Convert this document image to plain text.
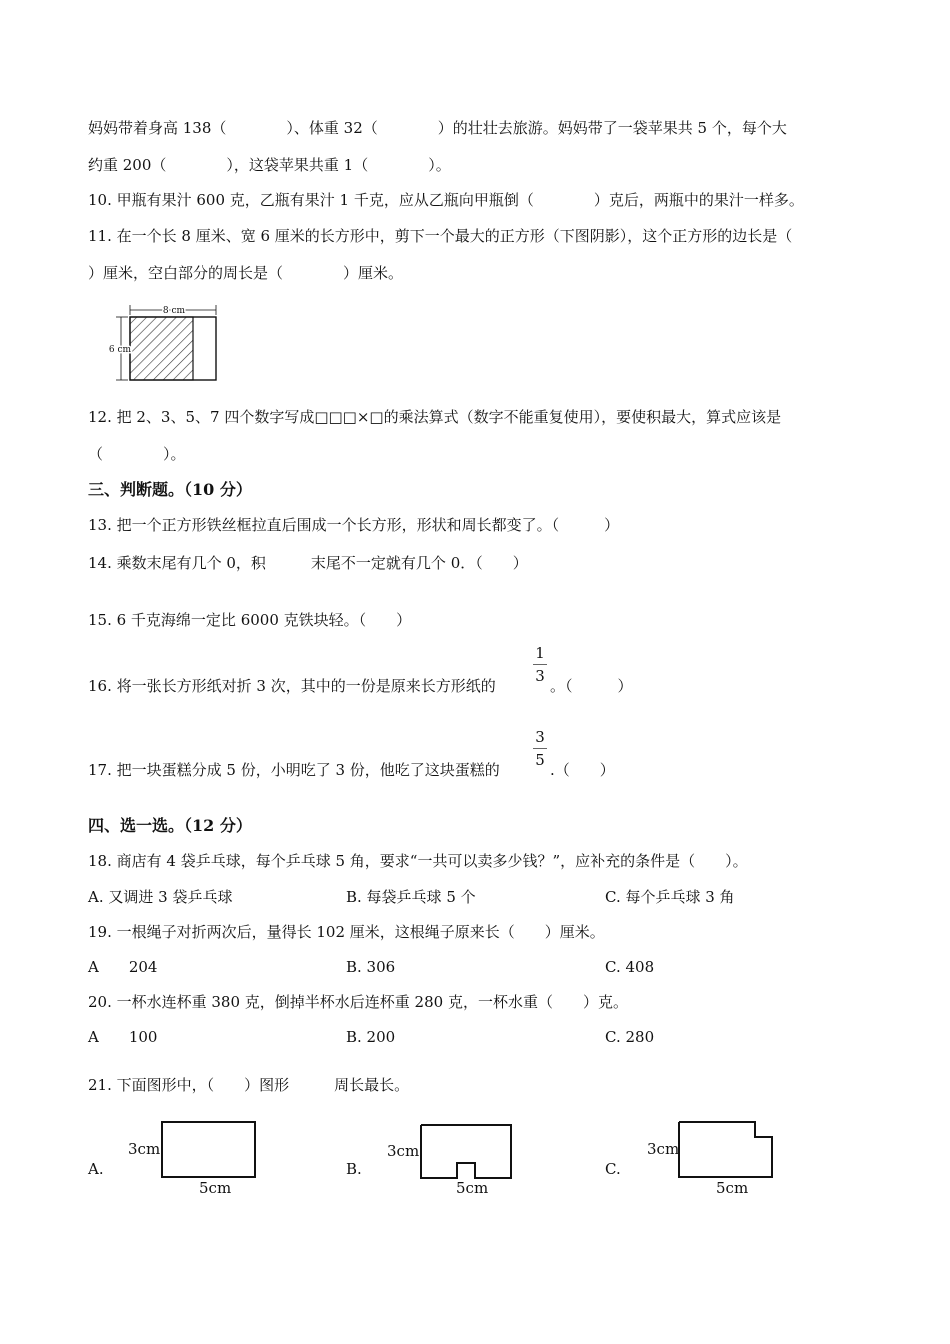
妈妈带着身高 138（　　　　）、体重 32（　　　　）的壮壮去旅游。妈妈带了一袋苹果共 5 个，每个大
约重 200（　　　　），这袋苹果共重 1（　　　　）。
10. 甲瓶有果汁 600 克，乙瓶有果汁 1 千克，应从乙瓶向甲瓶倒（　　　　）克后，两瓶中的果汁一样多。
11. 在一个长 8 厘米、宽 6 厘米的长方形中，剪下一个最大的正方形（下图阴影），这个正方形的边长是（
）厘米，空白部分的周长是（　　　　）厘米。
8 cm
6 cm
12. 把 2、3、5、7 四个数字写成□□□×□的乘法算式（数字不能重复使用），要使积最大，算式应该是
（　　　　）。
三、判断题。（10 分）
13. 把一个正方形铁丝框拉直后围成一个长方形，形状和周长都变了。（　　　）
14. 乘数末尾有几个 0，积　　　末尾不一定就有几个 0．（　　）
15. 6 千克海绵一定比 6000 克铁块轻。（　　）
16. 将一张长方形纸对折 3 次，其中的一份是原来长方形纸的
1
3
。（　　　）
17. 把一块蛋糕分成 5 份，小明吃了 3 份，他吃了这块蛋糕的
3
5
.（　　）
四、选一选。（12 分）
18. 商店有 4 袋乒乓球，每个乒乓球 5 角，要求“一共可以卖多少钱？”，应补充的条件是（　　）。
A. 又调进 3 袋乒乓球	B. 每袋乒乓球 5 个	C. 每个乒乓球 3 角
19. 一根绳子对折两次后，量得长 102 厘米，这根绳子原来长（　　）厘米。
A　　204	B. 306	C. 408
20. 一杯水连杯重 380 克，倒掉半杯水后连杯重 280 克，一杯水重（　　）克。
A　　100	B. 200	C. 280
21. 下面图形中，（　　）图形　　　周长最长。
A.
3cm
5cm
B.
3cm
5cm
C.
3cm
5cm
